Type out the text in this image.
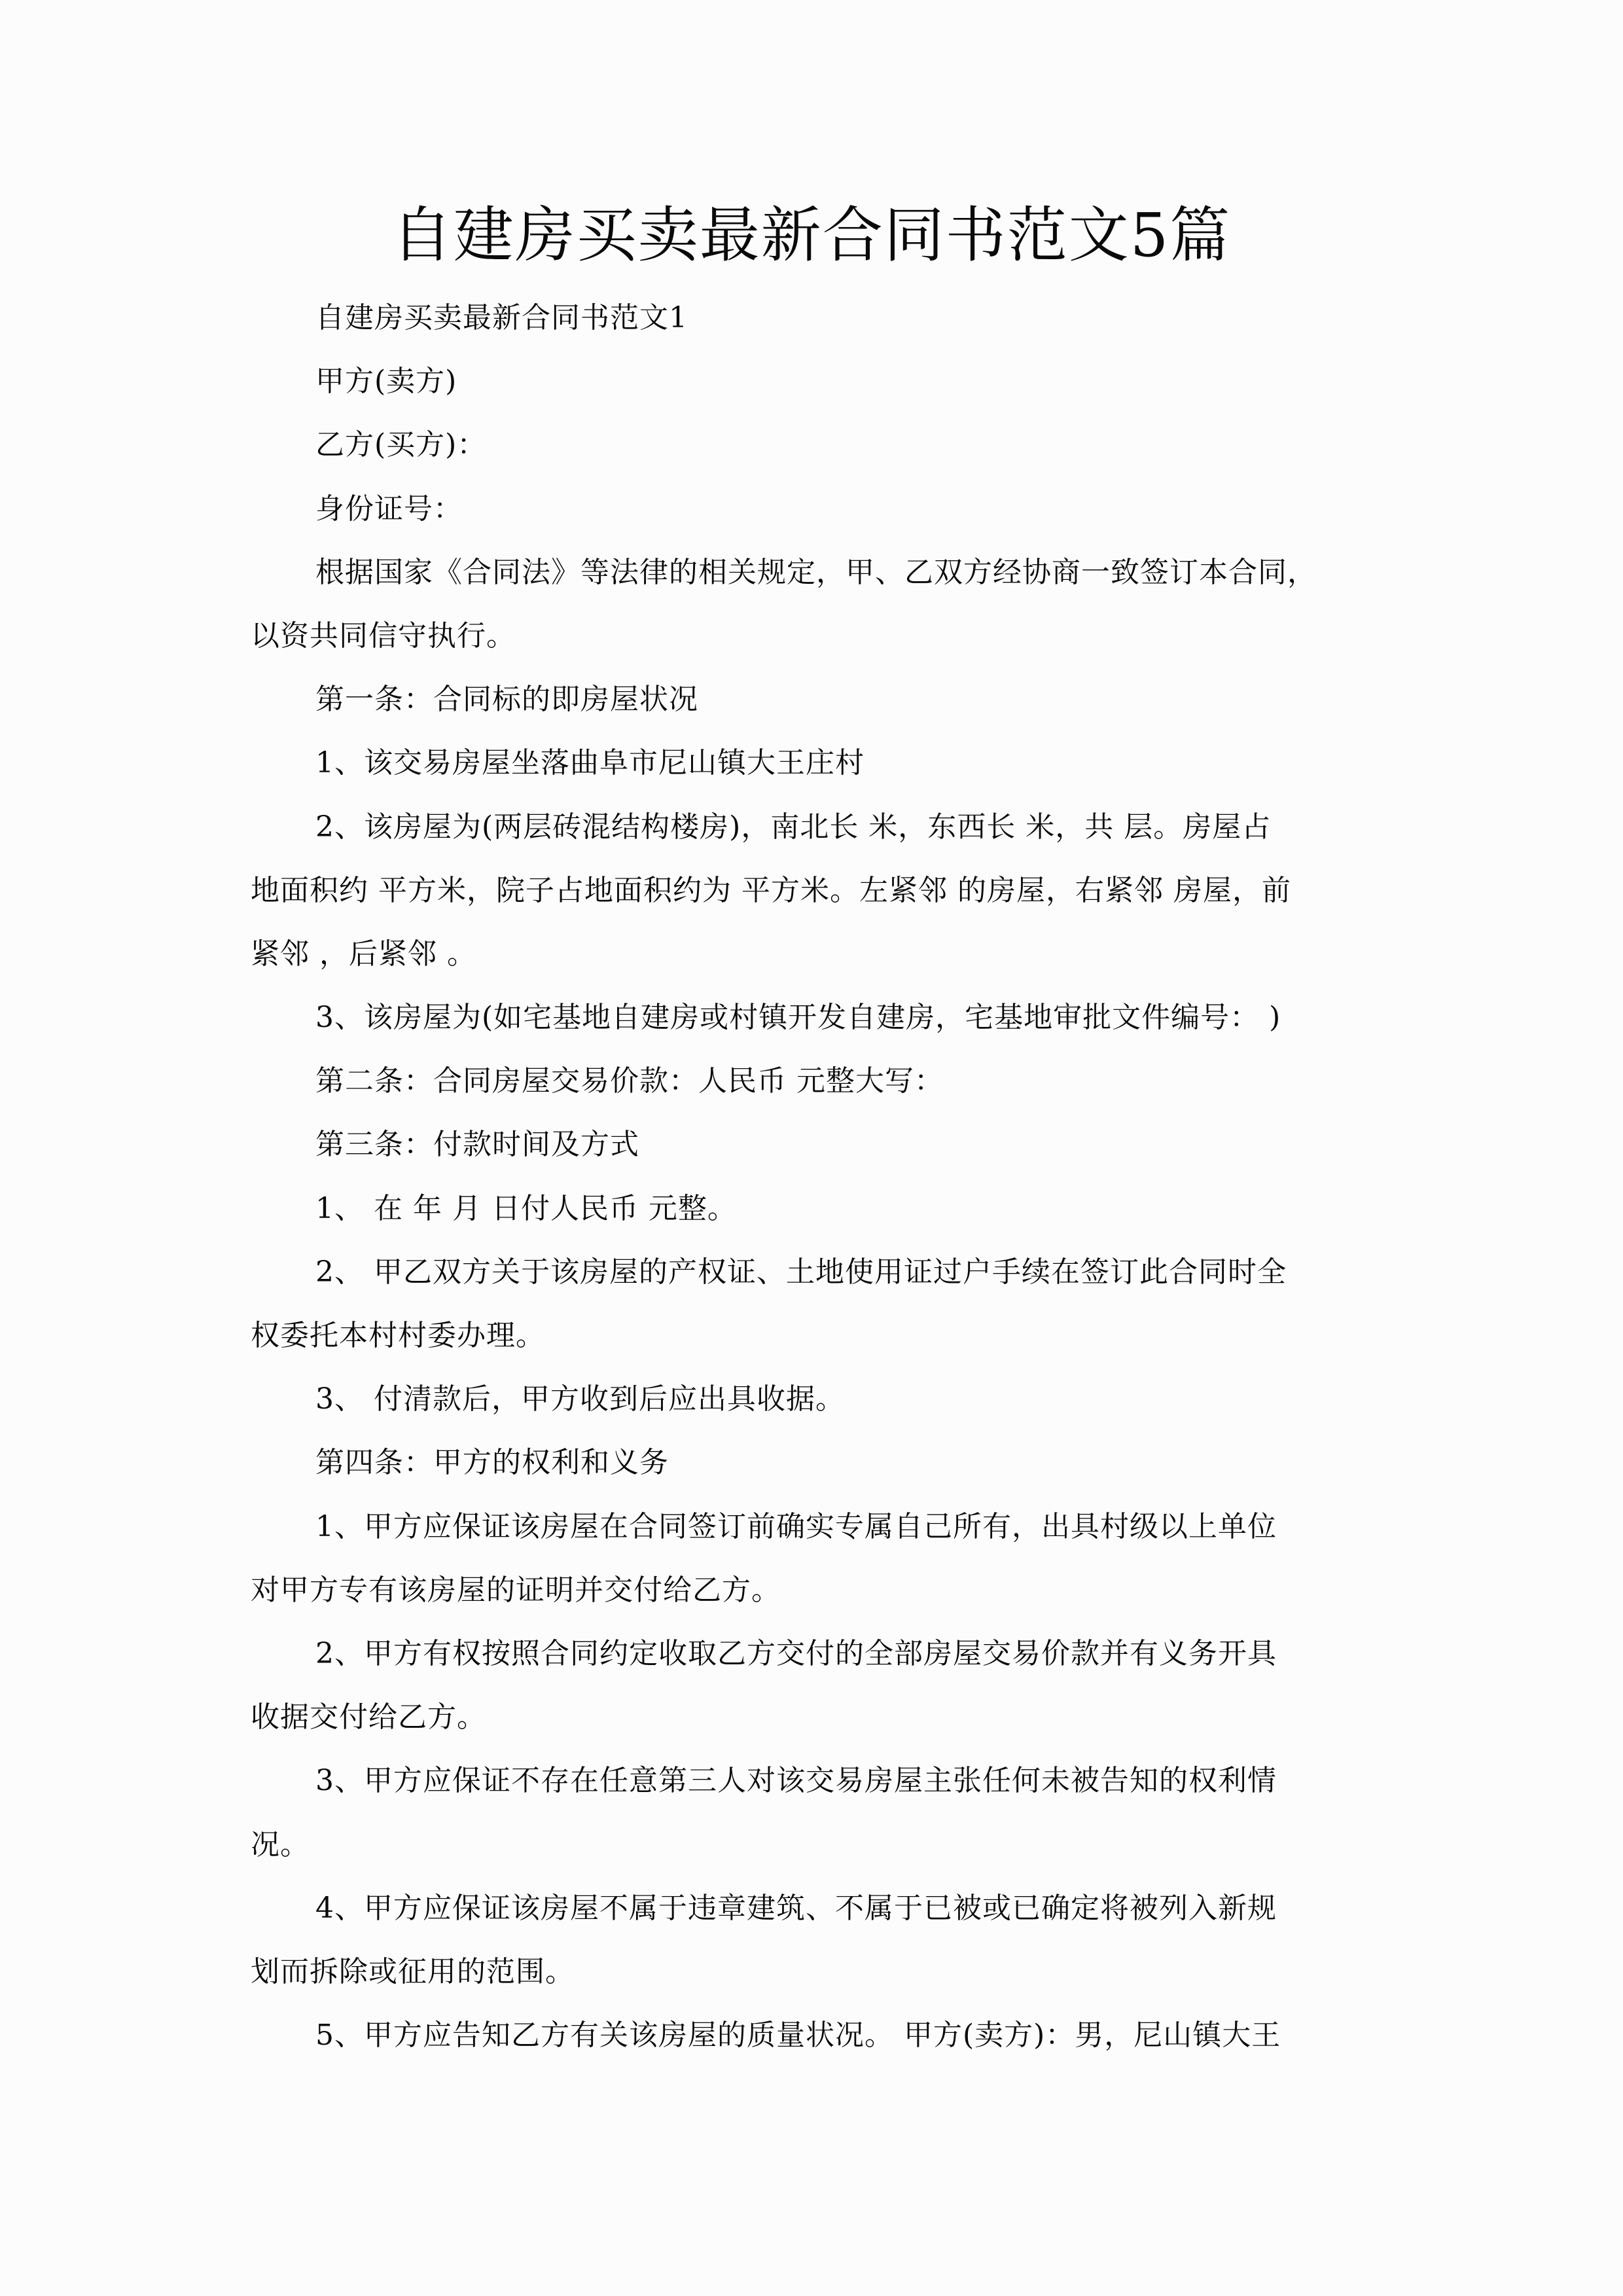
自建房买卖最新合同书范文5篇
自建房买卖最新合同书范文1
甲方(卖方)
乙方(买方)：
身份证号：
根据国家《合同法》等法律的相关规定，甲、乙双方经协商一致签订本合同，
以资共同信守执行。
第一条：合同标的即房屋状况
1、该交易房屋坐落曲阜市尼山镇大王庄村
2、该房屋为(两层砖混结构楼房)，南北长 米，东西长 米，共 层。房屋占
地面积约 平方米，院子占地面积约为 平方米。左紧邻 的房屋，右紧邻 房屋，前
紧邻 ，后紧邻 。
3、该房屋为(如宅基地自建房或村镇开发自建房，宅基地审批文件编号： )
第二条：合同房屋交易价款：人民币 元整大写：
第三条：付款时间及方式
1、 在 年 月 日付人民币 元整。
2、 甲乙双方关于该房屋的产权证、土地使用证过户手续在签订此合同时全
权委托本村村委办理。
3、 付清款后，甲方收到后应出具收据。
第四条：甲方的权利和义务
1、甲方应保证该房屋在合同签订前确实专属自己所有，出具村级以上单位
对甲方专有该房屋的证明并交付给乙方。
2、甲方有权按照合同约定收取乙方交付的全部房屋交易价款并有义务开具
收据交付给乙方。
3、甲方应保证不存在任意第三人对该交易房屋主张任何未被告知的权利情
况。
4、甲方应保证该房屋不属于违章建筑、不属于已被或已确定将被列入新规
划而拆除或征用的范围。
5、甲方应告知乙方有关该房屋的质量状况。 甲方(卖方)：男，尼山镇大王
